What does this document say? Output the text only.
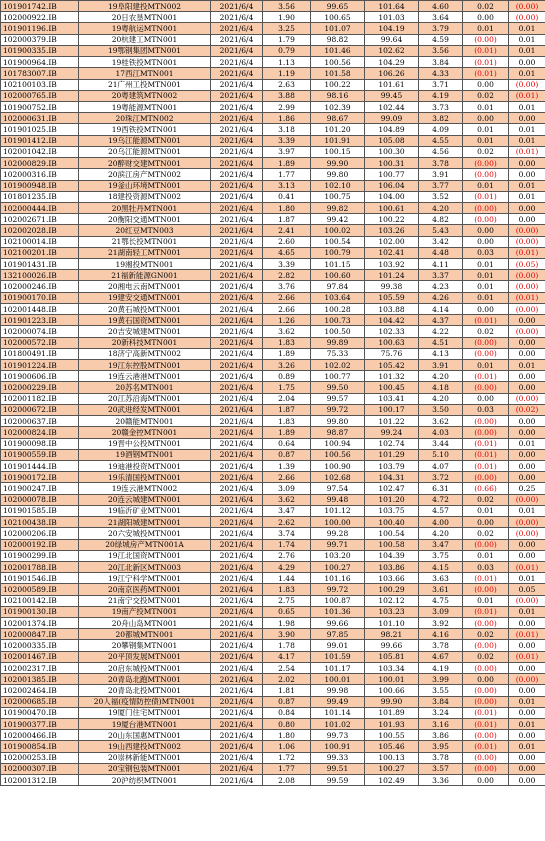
101901742.IB	19阜阳建投MTN002	2021/6/4	3.56	99.65	101.64	4.60	0.02	(0.00)
102000922.IB	20日农垦MTN001	2021/6/4	1.90	100.65	101.03	3.64	0.00	(0.00)
101901196.IB	19粤航运MTN001	2021/6/4	3.25	101.07	104.19	3.79	0.01	0.01
102000379.IB	20杭建工MTN001	2021/6/4	1.79	98.82	99.64	4.59	(0.00)	0.01
101900335.IB	19鄂钢集团MTN001	2021/6/4	0.79	101.46	102.62	3.56	(0.01)	0.01
101900964.IB	19桂铁投MTN001	2021/6/4	1.13	100.56	104.29	3.84	(0.01)	0.00
101783007.IB	17西江MTN001	2021/6/4	1.19	101.58	106.26	4.33	(0.01)	0.01
102100103.IB	21广州工投MTN001	2021/6/4	2.63	100.22	101.61	3.71	0.00	(0.00)
102000765.IB	20粤建筑MTN002	2021/6/4	3.88	98.16	99.45	4.19	0.02	(0.01)
101900752.IB	19粤能源MTN001	2021/6/4	2.99	102.39	102.44	3.73	0.01	0.01
102000631.IB	20珠江MTN002	2021/6/4	1.86	98.67	99.09	3.82	0.00	0.00
101901025.IB	19西铁投MTN001	2021/6/4	3.18	101.20	104.89	4.09	0.01	0.01
101901412.IB	19乌江能源MTN001	2021/6/4	3.39	101.91	105.08	4.55	0.01	0.01
102001042.IB	20乌江能源MTN001	2021/6/4	3.97	100.15	100.30	4.56	0.02	(0.01)
102000829.IB	20醉财交建MTN001	2021/6/4	1.89	99.90	100.31	3.78	(0.00)	0.00
102000316.IB	20滨江房产MTN002	2021/6/4	1.77	99.80	100.77	3.91	(0.00)	0.00
101900948.IB	19釜山环境MTN001	2021/6/4	3.13	102.10	106.04	3.77	0.01	0.01
101801235.IB	18建投资源MTN002	2021/6/4	0.41	100.75	104.00	3.52	(0.01)	0.01
102000444.IB	20黑牡丹MTN001	2021/6/4	1.80	99.82	100.61	4.20	(0.00)	0.00
102002671.IB	20衡阳交通MTN001	2021/6/4	1.87	99.42	100.22	4.82	(0.00)	0.00
102002028.IB	20红豆MTN003	2021/6/4	2.41	100.02	103.26	5.43	0.00	(0.00)
102100014.IB	21鄂长投MTN001	2021/6/4	2.60	100.54	102.00	3.42	0.00	(0.00)
102100201.IB	21湖南轻工MTN001	2021/6/4	4.65	100.79	102.41	4.48	0.03	(0.01)
101901431.IB	19湘投MTN001	2021/6/4	3.39	101.15	103.92	4.11	0.01	(0.05)
132100026.IB	21福新能源GN001	2021/6/4	2.82	100.60	101.24	3.37	0.01	(0.00)
102000246.IB	20湘电云南MTN001	2021/6/4	3.76	97.84	99.38	4.23	0.01	(0.00)
101900170.IB	19建安交通MTN001	2021/6/4	2.66	103.64	105.59	4.26	0.01	(0.01)
102001448.IB	20黄石城投MTN001	2021/6/4	2.66	100.28	103.88	4.14	0.00	(0.00)
101901223.IB	19黄石国资MTN001	2021/6/4	1.26	100.73	104.42	4.37	(0.01)	0.00
102000074.IB	20吉安城建MTN001	2021/6/4	3.62	100.50	102.33	4.22	0.02	(0.00)
102000572.IB	20新科技MTN001	2021/6/4	1.83	99.89	100.63	4.51	(0.00)	0.00
101800491.IB	18济宁高新MTN002	2021/6/4	1.89	75.33	75.76	4.13	(0.00)	0.00
101901224.IB	19江东控股MTN001	2021/6/4	3.26	102.02	105.42	3.91	0.01	0.01
101900606.IB	19连云港港MTN001	2021/6/4	0.89	100.77	101.32	4.20	(0.01)	0.00
102000229.IB	20苏名MTN001	2021/6/4	1.75	99.50	100.45	4.18	(0.00)	0.00
102001182.IB	20江苏沿海MTN001	2021/6/4	2.04	99.57	103.41	4.20	0.00	(0.00)
102000672.IB	20武进经发MTN001	2021/6/4	1.87	99.72	100.17	3.50	0.03	(0.02)
102000637.IB	20赣能MTN001	2021/6/4	1.83	99.80	101.22	3.62	(0.00)	0.00
102000824.IB	20赣金控MTN001	2021/6/4	1.89	98.87	99.24	4.03	(0.00)	0.00
101900098.IB	19晋中公投MTN001	2021/6/4	0.64	100.94	102.74	3.44	(0.01)	0.01
101900559.IB	19酒钢MTN001	2021/6/4	0.87	100.56	101.29	5.10	(0.01)	0.00
101901444.IB	19迪港投资MTN001	2021/6/4	1.39	100.90	103.79	4.07	(0.01)	0.00
101900172.IB	19乐清国投MTN001	2021/6/4	2.66	102.68	104.31	3.72	(0.00)	0.00
101900247.IB	19连云港MTN002	2021/6/4	3.09	97.54	102.47	6.31	(0.66)	0.25
102000078.IB	20连云城建MTN001	2021/6/4	3.62	99.48	101.20	4.72	0.02	(0.00)
101901585.IB	19临沂矿业MTN001	2021/6/4	3.47	101.12	103.75	4.57	0.01	0.01
102100438.IB	21湖阳城建MTN001	2021/6/4	2.62	100.00	100.40	4.00	0.00	(0.00)
102000206.IB	20六安城投MTN001	2021/6/4	3.74	99.28	100.54	4.20	0.02	(0.00)
102000192.IB	20绿城房产MTN001A	2021/6/4	1.74	99.71	100.58	3.47	(0.00)	0.00
101900299.IB	19江北国资MTN001	2021/6/4	2.76	103.20	104.39	3.75	0.01	0.00
102001788.IB	20江北新区MTN003	2021/6/4	4.29	100.27	103.86	4.15	0.03	(0.01)
101901546.IB	19江宁科学MTN001	2021/6/4	1.44	101.16	103.66	3.63	(0.01)	0.01
102000589.IB	20南京医药MTN001	2021/6/4	1.83	99.72	100.29	3.61	(0.00)	0.05
102100142.IB	21南宁交投MTN001	2021/6/4	2.75	100.87	102.12	4.75	0.01	(0.00)
101900130.IB	19南产投MTN001	2021/6/4	0.65	101.36	103.23	3.09	(0.01)	0.01
102001374.IB	20舟山岛MTN001	2021/6/4	1.98	99.66	101.10	3.92	(0.00)	0.00
102000847.IB	20都城MTN001	2021/6/4	3.90	97.85	98.21	4.16	0.02	(0.01)
102000335.IB	20攀钢集MTN001	2021/6/4	1.78	99.01	99.66	3.78	(0.00)	0.00
102001467.IB	20平顶发展MTN001	2021/6/4	4.17	101.59	105.81	4.67	0.02	(0.01)
102002317.IB	20启东城投MTN001	2021/6/4	2.54	101.17	103.34	4.19	(0.00)	0.00
102001385.IB	20青岛北跑MTN001	2021/6/4	2.02	100.01	100.01	3.99	0.00	(0.00)
102002464.IB	20青岛北投MTN001	2021/6/4	1.81	99.98	100.66	3.55	(0.00)	0.00
102000685.IB	20人福(疫情防控债)MTN001	2021/6/4	0.87	99.49	99.90	3.84	(0.00)	0.01
101900470.IB	19厦门住宅MTN001	2021/6/4	0.84	101.14	101.89	3.24	(0.01)	0.00
101900377.IB	19厦台港MTN001	2021/6/4	0.80	101.02	101.93	3.16	(0.01)	0.01
102000466.IB	20山东国惠MTN001	2021/6/4	1.80	99.73	100.55	3.86	(0.00)	0.00
101900854.IB	19山西建投MTN002	2021/6/4	1.06	100.91	105.46	3.95	(0.01)	0.01
102000253.IB	20崇林新能MTN001	2021/6/4	1.72	99.33	100.13	3.78	(0.00)	0.00
102000307.IB	20宝钢包装MTN001	2021/6/4	1.77	99.51	100.27	3.57	(0.00)	0.00
102001312.IB	20沪纺织MTN001	2021/6/4	2.08	99.59	102.49	3.36	0.00	0.00
